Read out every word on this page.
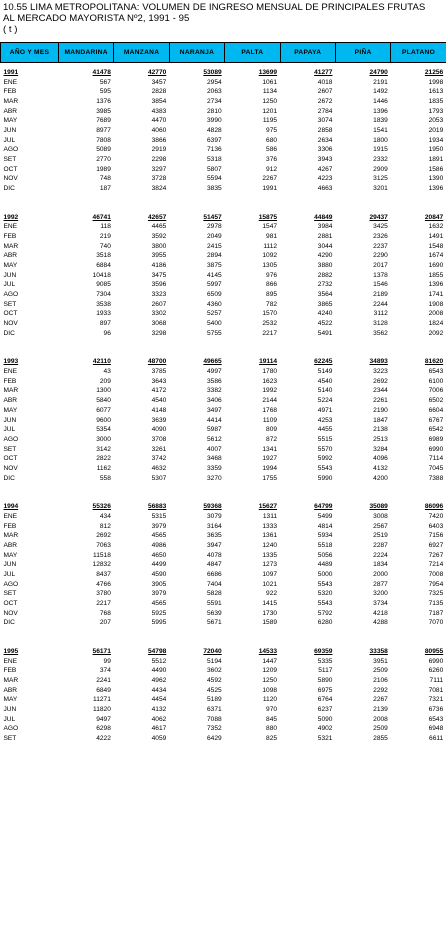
10.55 LIMA METROPOLITANA: VOLUMEN DE INGRESO MENSUAL DE PRINCIPALES FRUTAS
AL MERCADO MAYORISTA Nº2, 1991 - 95
( t )
AÑO Y MES	MANDARINA	MANZANA	NARANJA	PALTA	PAPAYA	PIÑA	PLATANO

1991	41478	42770	53089	13699	41277	24790	21256
ENE	567	3457	2954	1061	4018	2191	1998
FEB	595	2828	2063	1134	2607	1492	1613
MAR	1376	3854	2734	1250	2672	1446	1835
ABR	3985	4383	2810	1201	2784	1396	1793
MAY	7689	4470	3990	1195	3074	1839	2053
JUN	8977	4060	4828	975	2858	1541	2019
JUL	7808	3866	6397	680	2634	1800	1934
AGO	5089	2919	7136	586	3306	1915	1950
SET	2770	2298	5318	376	3943	2332	1891
OCT	1989	3297	5807	912	4267	2909	1586
NOV	748	3728	5594	2267	4223	3125	1390
DIC	187	3824	3835	1991	4663	3201	1396

1992	46741	42657	51457	15875	44849	29437	20847
ENE	118	4465	2978	1547	3984	3425	1632
FEB	219	3592	2049	981	2881	2326	1491
MAR	740	3800	2415	1112	3044	2237	1548
ABR	3518	3955	2894	1092	4290	2290	1674
MAY	6884	4186	3875	1305	3880	2017	1690
JUN	10418	3475	4145	976	2882	1378	1855
JUL	9085	3596	5997	866	2732	1546	1396
AGO	7304	3323	6509	895	3564	2189	1741
SET	3538	2607	4360	782	3865	2244	1908
OCT	1933	3302	5257	1570	4240	3112	2008
NOV	897	3068	5400	2532	4522	3128	1824
DIC	96	3298	5755	2217	5491	3562	2092

1993	42110	48700	49665	19114	62245	34893	81620
ENE	43	3785	4997	1780	5149	3223	6543
FEB	209	3643	3586	1623	4540	2692	6100
MAR	1300	4172	3382	1992	5140	2344	7006
ABR	5840	4540	3406	2144	5224	2261	6502
MAY	6077	4148	3497	1768	4971	2190	6604
JUN	9600	3639	4414	1109	4253	1847	6767
JUL	5354	4090	5987	809	4455	2138	6542
AGO	3000	3708	5612	872	5515	2513	6989
SET	3142	3261	4007	1341	5570	3284	6990
OCT	2822	3742	3468	1927	5992	4096	7114
NOV	1162	4632	3359	1994	5543	4132	7045
DIC	558	5307	3270	1755	5990	4200	7388

1994	55326	56883	59368	15627	64799	35089	86096
ENE	434	5315	3079	1311	5499	3008	7420
FEB	812	3979	3164	1333	4814	2567	6403
MAR	2692	4565	3635	1361	5934	2519	7156
ABR	7063	4986	3947	1240	5518	2287	6927
MAY	11518	4650	4078	1335	5056	2224	7267
JUN	12832	4499	4847	1273	4489	1834	7214
JUL	8437	4590	6686	1097	5000	2000	7008
AGO	4766	3905	7404	1021	5543	2877	7954
SET	3780	3979	5828	922	5320	3200	7325
OCT	2217	4565	5591	1415	5543	3734	7135
NOV	768	5925	5639	1730	5792	4218	7187
DIC	207	5995	5671	1589	6280	4288	7070

1995	56171	54798	72040	14533	69359	33358	80955
ENE	99	5512	5194	1447	5335	3951	6990
FEB	374	4490	3602	1209	5117	2509	6260
MAR	2241	4962	4592	1250	5890	2106	7111
ABR	6849	4434	4525	1098	6975	2292	7081
MAY	11271	4454	5189	1120	6764	2267	7321
JUN	11820	4132	6371	970	6237	2139	6736
JUL	9497	4062	7088	845	5090	2008	6543
AGO	6298	4617	7352	880	4902	2509	6948
SET	4222	4059	6429	825	5321	2855	6611
